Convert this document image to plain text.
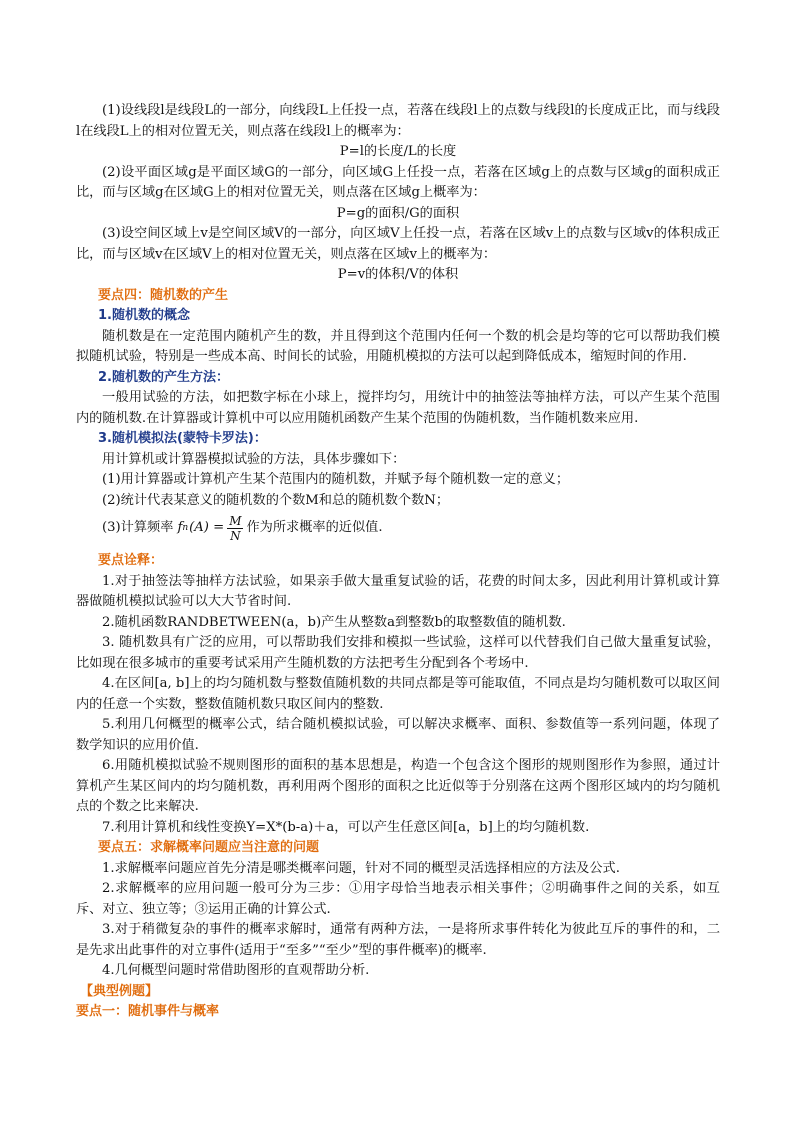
(1)设线段l是线段L的一部分，向线段L上任投一点，若落在线段l上的点数与线段l的长度成正比，而与线段l在线段L上的相对位置无关，则点落在线段l上的概率为：

P=l的长度/L的长度

(2)设平面区域g是平面区域G的一部分，向区域G上任投一点，若落在区域g上的点数与区域g的面积成正比，而与区域g在区域G上的相对位置无关，则点落在区域g上概率为：

P=g的面积/G的面积

(3)设空间区域上v是空间区域V的一部分，向区域V上任投一点，若落在区域v上的点数与区域v的体积成正比，而与区域v在区域V上的相对位置无关，则点落在区域v上的概率为：

P=v的体积/V的体积

要点四：随机数的产生

1.随机数的概念

随机数是在一定范围内随机产生的数，并且得到这个范围内任何一个数的机会是均等的它可以帮助我们模拟随机试验，特别是一些成本高、时间长的试验，用随机模拟的方法可以起到降低成本，缩短时间的作用.

2.随机数的产生方法：

一般用试验的方法，如把数字标在小球上，搅拌均匀，用统计中的抽签法等抽样方法，可以产生某个范围内的随机数.在计算器或计算机中可以应用随机函数产生某个范围的伪随机数，当作随机数来应用.

3.随机模拟法(蒙特卡罗法)：

用计算机或计算器模拟试验的方法，具体步骤如下：

(1)用计算器或计算机产生某个范围内的随机数，并赋予每个随机数一定的意义；

(2)统计代表某意义的随机数的个数M和总的随机数个数N；

(3)计算频率 f n $(A) = \frac{M}{N}$ 作为所求概率的近似值.

要点诠释：

1.对于抽签法等抽样方法试验，如果亲手做大量重复试验的话，花费的时间太多，因此利用计算机或计算器做随机模拟试验可以大大节省时间.

2.随机函数RANDBETWEEN(a，b)产生从整数a到整数b的取整数值的随机数.

3. 随机数具有广泛的应用，可以帮助我们安排和模拟一些试验，这样可以代替我们自己做大量重复试验，比如现在很多城市的重要考试采用产生随机数的方法把考生分配到各个考场中.

4.在区间[a, b]上的均匀随机数与整数值随机数的共同点都是等可能取值，不同点是均匀随机数可以取区间内的任意一个实数，整数值随机数只取区间内的整数.

5.利用几何概型的概率公式，结合随机模拟试验，可以解决求概率、面积、参数值等一系列问题，体现了数学知识的应用价值.

6.用随机模拟试验不规则图形的面积的基本思想是，构造一个包含这个图形的规则图形作为参照，通过计算机产生某区间内的均匀随机数，再利用两个图形的面积之比近似等于分别落在这两个图形区域内的均匀随机点的个数之比来解决.

7.利用计算机和线性变换Y=X*(b-a)＋a，可以产生任意区间[a，b]上的均匀随机数.

要点五：求解概率问题应当注意的问题

1.求解概率问题应首先分清是哪类概率问题，针对不同的概型灵活选择相应的方法及公式.

2.求解概率的应用问题一般可分为三步：①用字母恰当地表示相关事件；②明确事件之间的关系，如互斥、对立、独立等；③运用正确的计算公式.

3.对于稍微复杂的事件的概率求解时，通常有两种方法，一是将所求事件转化为彼此互斥的事件的和，二是先求出此事件的对立事件(适用于“至多”“至少”型的事件概率)的概率.

4.几何概型问题时常借助图形的直观帮助分析.

【典型例题】

要点一：随机事件与概率
